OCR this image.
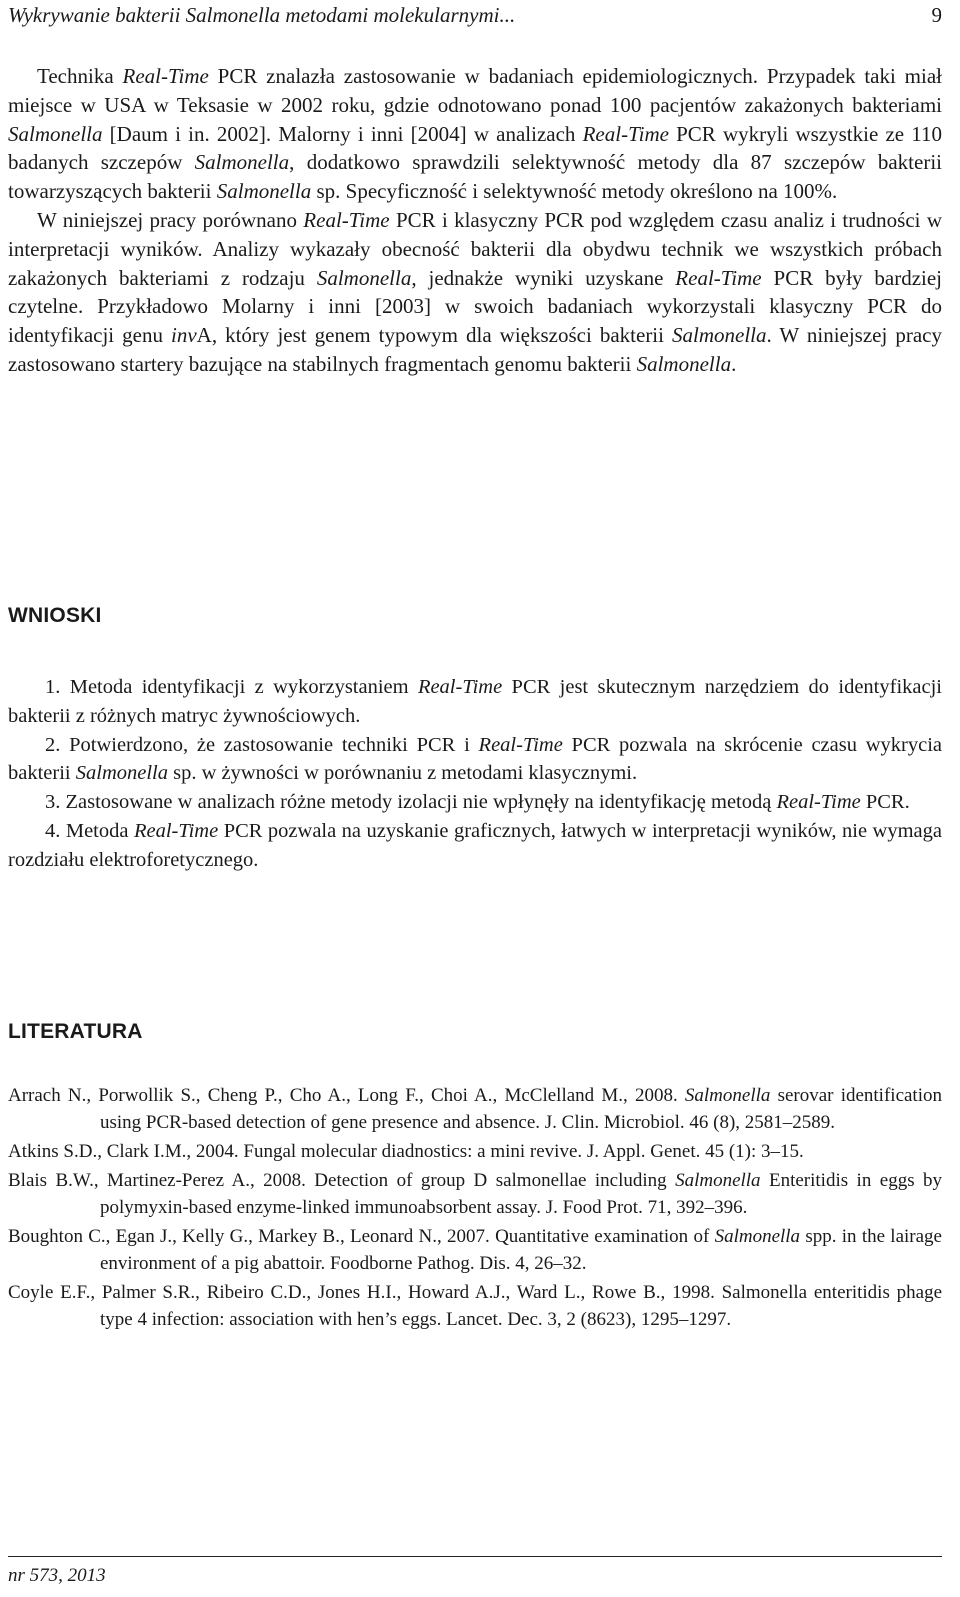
Wykrywanie bakterii Salmonella metodami molekularnymi...	9

Technika Real-Time PCR znalazła zastosowanie w badaniach epidemiologicznych. Przypadek taki miał miejsce w USA w Teksasie w 2002 roku, gdzie odnotowano ponad 100 pacjentów zakażonych bakteriami Salmonella [Daum i in. 2002]. Malorny i inni [2004] w analizach Real-Time PCR wykryli wszystkie ze 110 badanych szczepów Salmonella, dodatkowo sprawdzili selektywność metody dla 87 szczepów bakterii towarzyszących bakterii Salmonella sp. Specyficzność i selektywność metody określono na 100%.

W niniejszej pracy porównano Real-Time PCR i klasyczny PCR pod względem czasu analiz i trudności w interpretacji wyników. Analizy wykazały obecność bakterii dla obydwu technik we wszystkich próbach zakażonych bakteriami z rodzaju Salmonella, jednakże wyniki uzyskane Real-Time PCR były bardziej czytelne. Przykładowo Molarny i inni [2003] w swoich badaniach wykorzystali klasyczny PCR do identyfikacji genu invA, który jest genem typowym dla większości bakterii Salmonella. W niniejszej pracy zastosowano startery bazujące na stabilnych fragmentach genomu bakterii Salmonella.

WNIOSKI

1. Metoda identyfikacji z wykorzystaniem Real-Time PCR jest skutecznym narzędziem do identyfikacji bakterii z różnych matryc żywnościowych.

2. Potwierdzono, że zastosowanie techniki PCR i Real-Time PCR pozwala na skrócenie czasu wykrycia bakterii Salmonella sp. w żywności w porównaniu z metodami klasycznymi.

3. Zastosowane w analizach różne metody izolacji nie wpłynęły na identyfikację metodą Real-Time PCR.

4. Metoda Real-Time PCR pozwala na uzyskanie graficznych, łatwych w interpretacji wyników, nie wymaga rozdziału elektroforetycznego.

LITERATURA

Arrach N., Porwollik S., Cheng P., Cho A., Long F., Choi A., McClelland M., 2008. Salmonella serovar identification using PCR-based detection of gene presence and absence. J. Clin. Microbiol. 46 (8), 2581–2589.

Atkins S.D., Clark I.M., 2004. Fungal molecular diadnostics: a mini revive. J. Appl. Genet. 45 (1): 3–15.

Blais B.W., Martinez-Perez A., 2008. Detection of group D salmonellae including Salmonella Enteritidis in eggs by polymyxin-based enzyme-linked immunoabsorbent assay. J. Food Prot. 71, 392–396.

Boughton C., Egan J., Kelly G., Markey B., Leonard N., 2007. Quantitative examination of Salmonella spp. in the lairage environment of a pig abattoir. Foodborne Pathog. Dis. 4, 26–32.

Coyle E.F., Palmer S.R., Ribeiro C.D., Jones H.I., Howard A.J., Ward L., Rowe B., 1998. Salmonella enteritidis phage type 4 infection: association with hen’s eggs. Lancet. Dec. 3, 2 (8623), 1295–1297.

nr 573, 2013
